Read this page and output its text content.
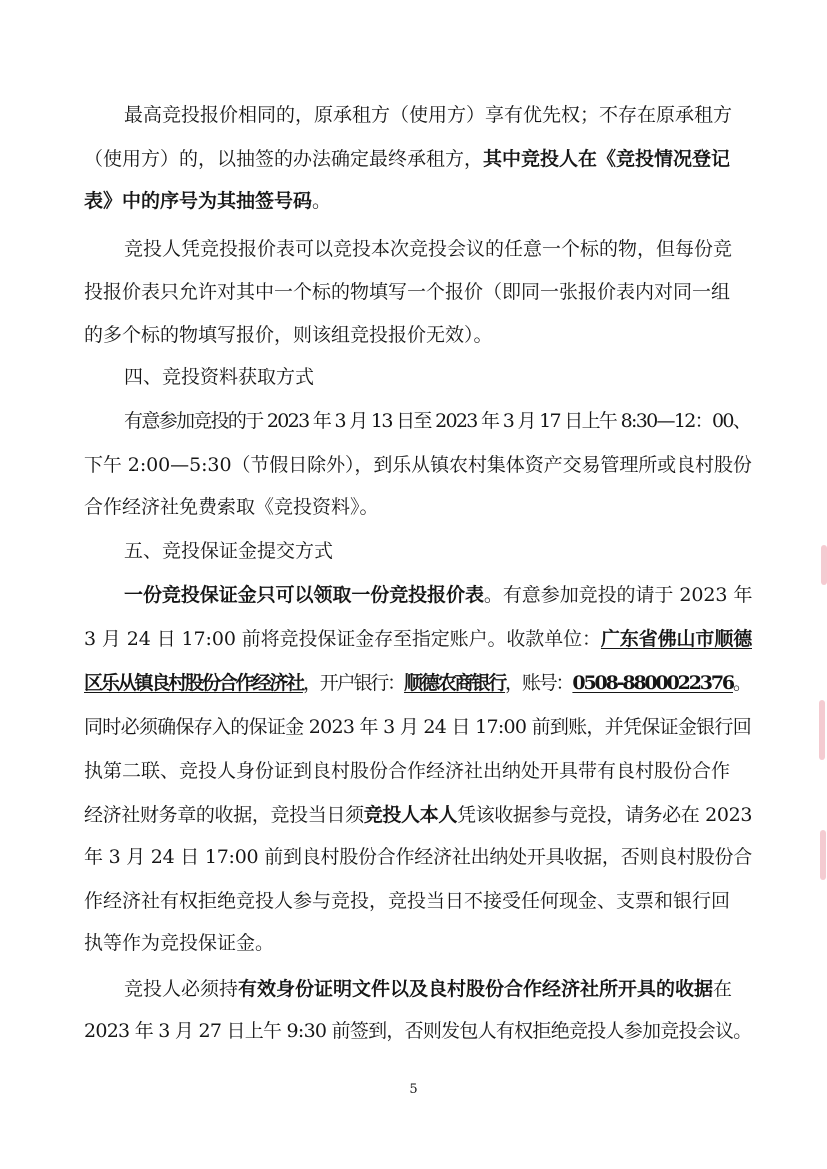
最高竞投报价相同的，原承租方（使用方）享有优先权；不存在原承租方
（使用方）的，以抽签的办法确定最终承租方，其中竞投人在《竞投情况登记
表》中的序号为其抽签号码。
竞投人凭竞投报价表可以竞投本次竞投会议的任意一个标的物，但每份竞
投报价表只允许对其中一个标的物填写一个报价（即同一张报价表内对同一组
的多个标的物填写报价，则该组竞投报价无效）。
四、竞投资料获取方式
有意参加竞投的于 2023 年 3 月 13 日至 2023 年 3 月 17 日上午 8:30—12：00、
下午 2:00—5:30（节假日除外），到乐从镇农村集体资产交易管理所或良村股份
合作经济社免费索取《竞投资料》。
五、竞投保证金提交方式
一份竞投保证金只可以领取一份竞投报价表。有意参加竞投的请于 2023 年
3 月 24 日 17:00 前将竞投保证金存至指定账户。收款单位：广东省佛山市顺德
区乐从镇良村股份合作经济社，开户银行：顺德农商银行，账号：0508-8800022376。
同时必须确保存入的保证金 2023 年 3 月 24 日 17:00 前到账，并凭保证金银行回
执第二联、竞投人身份证到良村股份合作经济社出纳处开具带有良村股份合作
经济社财务章的收据，竞投当日须竞投人本人凭该收据参与竞投，请务必在 2023
年 3 月 24 日 17:00 前到良村股份合作经济社出纳处开具收据，否则良村股份合
作经济社有权拒绝竞投人参与竞投，竞投当日不接受任何现金、支票和银行回
执等作为竞投保证金。
竞投人必须持有效身份证明文件以及良村股份合作经济社所开具的收据在
2023 年 3 月 27 日上午 9:30 前签到，否则发包人有权拒绝竞投人参加竞投会议。
5
